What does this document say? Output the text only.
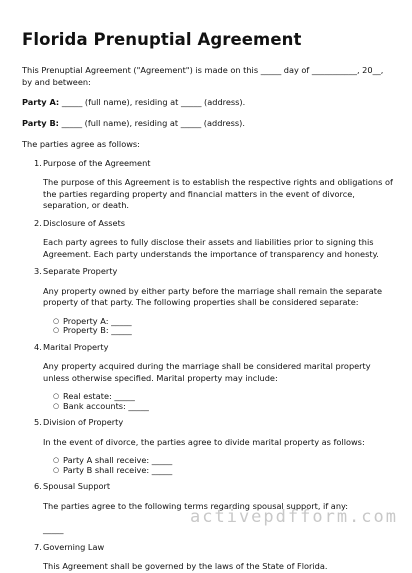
Florida Prenuptial Agreement

This Prenuptial Agreement ("Agreement") is made on this _____ day of ___________, 20__, by and between:

Party A: _____ (full name), residing at _____ (address).

Party B: _____ (full name), residing at _____ (address).

The parties agree as follows:

1. Purpose of the Agreement

The purpose of this Agreement is to establish the respective rights and obligations of the parties regarding property and financial matters in the event of divorce, separation, or death.

2. Disclosure of Assets

Each party agrees to fully disclose their assets and liabilities prior to signing this Agreement. Each party understands the importance of transparency and honesty.

3. Separate Property

Any property owned by either party before the marriage shall remain the separate property of that party. The following properties shall be considered separate:

○ Property A: _____
○ Property B: _____
4. Marital Property

Any property acquired during the marriage shall be considered marital property unless otherwise specified. Marital property may include:

○ Real estate: _____
○ Bank accounts: _____
5. Division of Property

In the event of divorce, the parties agree to divide marital property as follows:

○ Party A shall receive: _____
○ Party B shall receive: _____
6. Spousal Support

The parties agree to the following terms regarding spousal support, if any:

_____

7. Governing Law

This Agreement shall be governed by the laws of the State of Florida.

activepdfform.com
